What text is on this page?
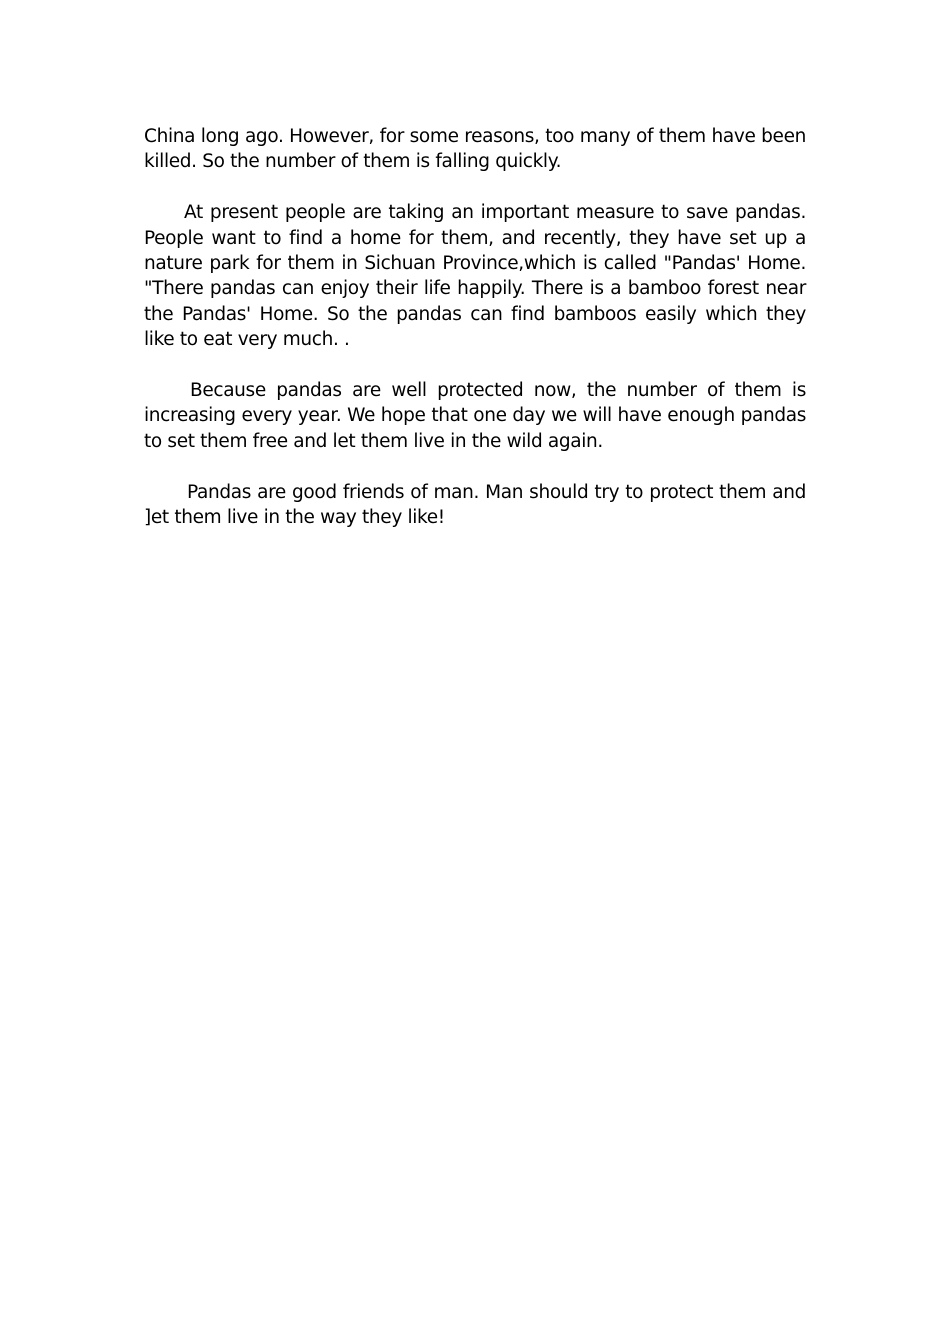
China long ago. However, for some reasons, too many of them have been killed. So the number of them is falling quickly.

At present people are taking an important measure to save pandas. People want to find a home for them, and recently, they have set up a nature park for them in Sichuan Province,which is called "Pandas' Home. "There pandas can enjoy their life happily. There is a bamboo forest near the Pandas' Home. So the pandas can find bamboos easily which they like to eat very much. .

Because pandas are well protected now, the number of them is increasing every year. We hope that one day we will have enough pandas to set them free and let them live in the wild again.

Pandas are good friends of man. Man should try to protect them and ]et them live in the way they like!
